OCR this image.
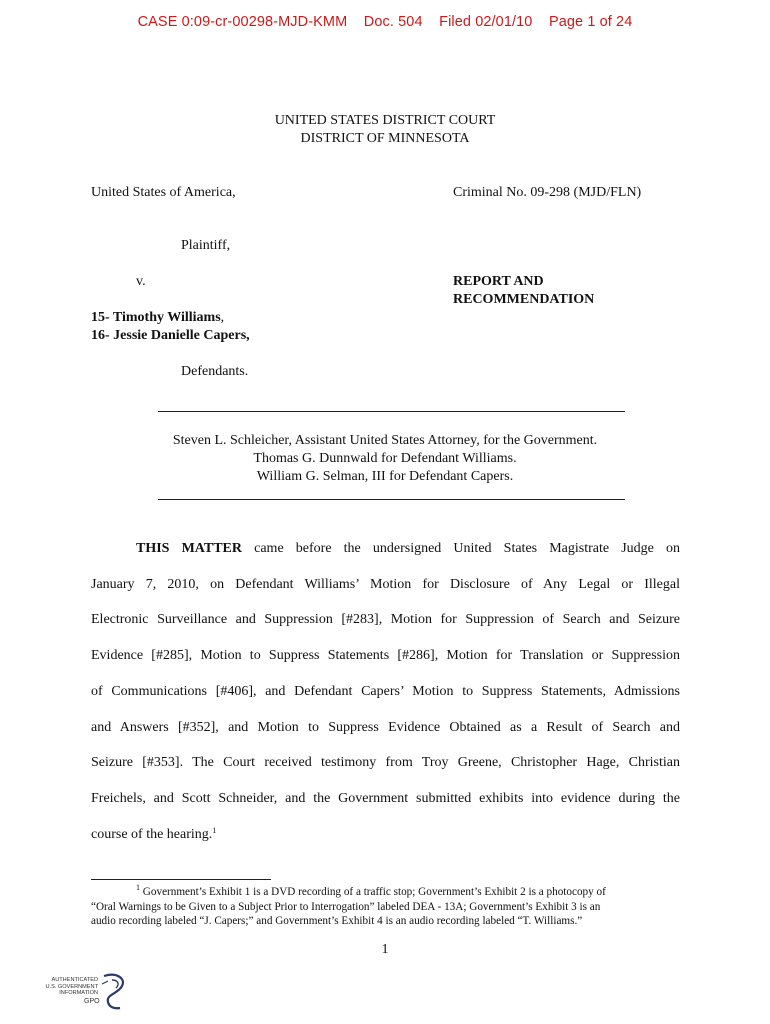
CASE 0:09-cr-00298-MJD-KMM    Doc. 504    Filed 02/01/10    Page 1 of 24
UNITED STATES DISTRICT COURT
DISTRICT OF MINNESOTA
United States of America,	Criminal No. 09-298 (MJD/FLN)
Plaintiff,
v.	REPORT AND
RECOMMENDATION
15- Timothy Williams,
16- Jessie Danielle Capers,
Defendants.
Steven L. Schleicher, Assistant United States Attorney, for the Government.
Thomas G. Dunnwald for Defendant Williams.
William G. Selman, III for Defendant Capers.
THIS MATTER came before the undersigned United States Magistrate Judge on
January 7, 2010, on Defendant Williams’ Motion for Disclosure of Any Legal or Illegal
Electronic Surveillance and Suppression [#283], Motion for Suppression of Search and Seizure
Evidence [#285], Motion to Suppress Statements [#286], Motion for Translation or Suppression
of Communications [#406], and Defendant Capers’ Motion to Suppress Statements, Admissions
and Answers [#352], and Motion to Suppress Evidence Obtained as a Result of Search and
Seizure [#353]. The Court received testimony from Troy Greene, Christopher Hage, Christian
Freichels, and Scott Schneider, and the Government submitted exhibits into evidence during the
course of the hearing.$^1$
$^1$ Government’s Exhibit 1 is a DVD recording of a traffic stop; Government’s Exhibit 2 is a photocopy of
“Oral Warnings to be Given to a Subject Prior to Interrogation” labeled DEA - 13A; Government’s Exhibit 3 is an
audio recording labeled “J. Capers;” and Government’s Exhibit 4 is an audio recording labeled “T. Williams.”
1
AUTHENTICATED
U.S. GOVERNMENT
INFORMATION
GPO
